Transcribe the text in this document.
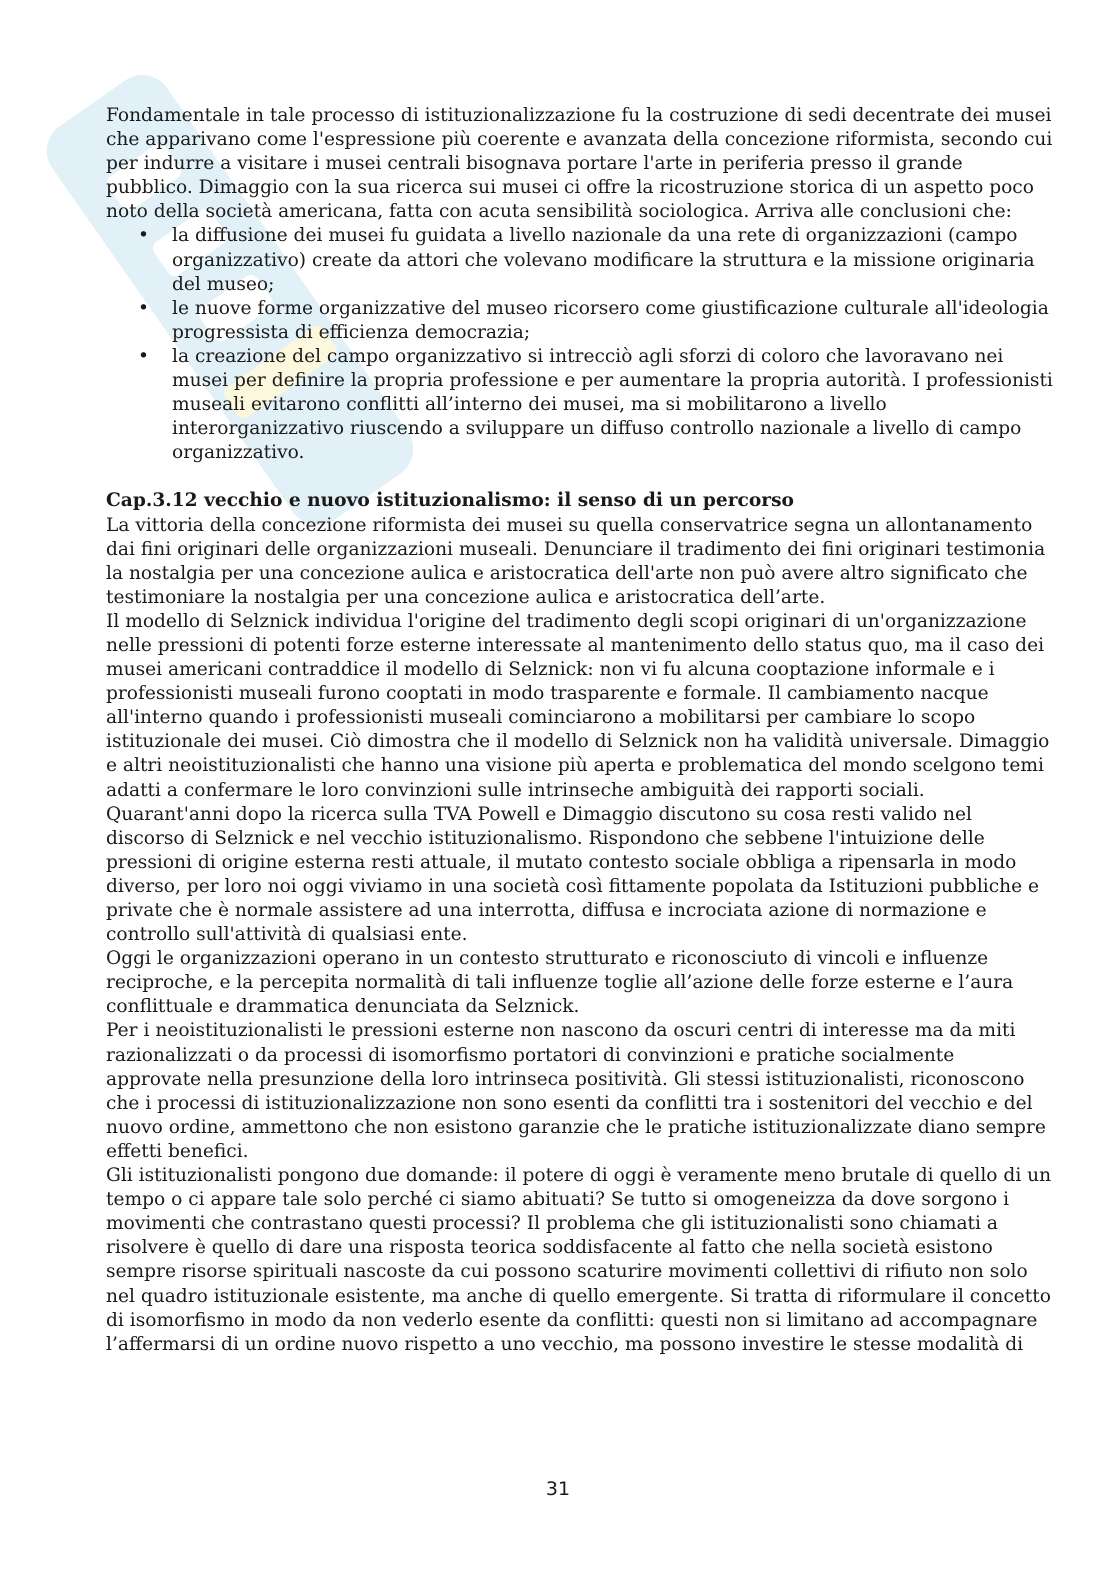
Fondamentale in tale processo di istituzionalizzazione fu la costruzione di sedi decentrate dei musei che apparivano come l'espressione più coerente e avanzata della concezione riformista, secondo cui per indurre a visitare i musei centrali bisognava portare l'arte in periferia presso il grande pubblico. Dimaggio con la sua ricerca sui musei ci offre la ricostruzione storica di un aspetto poco noto della società americana, fatta con acuta sensibilità sociologica. Arriva alle conclusioni che:

• la diffusione dei musei fu guidata a livello nazionale da una rete di organizzazioni (campo organizzativo) create da attori che volevano modificare la struttura e la missione originaria del museo;
• le nuove forme organizzative del museo ricorsero come giustificazione culturale all'ideologia progressista di efficienza democrazia;
• la creazione del campo organizzativo si intrecciò agli sforzi di coloro che lavoravano nei musei per definire la propria professione e per aumentare la propria autorità. I professionisti museali evitarono conflitti all’interno dei musei, ma si mobilitarono a livello interorganizzativo riuscendo a sviluppare un diffuso controllo nazionale a livello di campo organizzativo.
Cap.3.12 vecchio e nuovo istituzionalismo: il senso di un percorso

La vittoria della concezione riformista dei musei su quella conservatrice segna un allontanamento dai fini originari delle organizzazioni museali. Denunciare il tradimento dei fini originari testimonia la nostalgia per una concezione aulica e aristocratica dell'arte non può avere altro significato che testimoniare la nostalgia per una concezione aulica e aristocratica dell’arte.

Il modello di Selznick individua l'origine del tradimento degli scopi originari di un'organizzazione nelle pressioni di potenti forze esterne interessate al mantenimento dello status quo, ma il caso dei musei americani contraddice il modello di Selznick: non vi fu alcuna cooptazione informale e i professionisti museali furono cooptati in modo trasparente e formale. Il cambiamento nacque all'interno quando i professionisti museali cominciarono a mobilitarsi per cambiare lo scopo istituzionale dei musei. Ciò dimostra che il modello di Selznick non ha validità universale. Dimaggio e altri neoistituzionalisti che hanno una visione più aperta e problematica del mondo scelgono temi adatti a confermare le loro convinzioni sulle intrinseche ambiguità dei rapporti sociali. Quarant'anni dopo la ricerca sulla TVA Powell e Dimaggio discutono su cosa resti valido nel discorso di Selznick e nel vecchio istituzionalismo. Rispondono che sebbene l'intuizione delle pressioni di origine esterna resti attuale, il mutato contesto sociale obbliga a ripensarla in modo diverso, per loro noi oggi viviamo in una società così fittamente popolata da Istituzioni pubbliche e private che è normale assistere ad una interrotta, diffusa e incrociata azione di normazione e controllo sull'attività di qualsiasi ente.

Oggi le organizzazioni operano in un contesto strutturato e riconosciuto di vincoli e influenze reciproche, e la percepita normalità di tali influenze toglie all’azione delle forze esterne e l’aura conflittuale e drammatica denunciata da Selznick.

Per i neoistituzionalisti le pressioni esterne non nascono da oscuri centri di interesse ma da miti razionalizzati o da processi di isomorfismo portatori di convinzioni e pratiche socialmente approvate nella presunzione della loro intrinseca positività. Gli stessi istituzionalisti, riconoscono che i processi di istituzionalizzazione non sono esenti da conflitti tra i sostenitori del vecchio e del nuovo ordine, ammettono che non esistono garanzie che le pratiche istituzionalizzate diano sempre effetti benefici.

Gli istituzionalisti pongono due domande: il potere di oggi è veramente meno brutale di quello di un tempo o ci appare tale solo perché ci siamo abituati? Se tutto si omogeneizza da dove sorgono i movimenti che contrastano questi processi? Il problema che gli istituzionalisti sono chiamati a risolvere è quello di dare una risposta teorica soddisfacente al fatto che nella società esistono sempre risorse spirituali nascoste da cui possono scaturire movimenti collettivi di rifiuto non solo nel quadro istituzionale esistente, ma anche di quello emergente. Si tratta di riformulare il concetto di isomorfismo in modo da non vederlo esente da conflitti: questi non si limitano ad accompagnare l’affermarsi di un ordine nuovo rispetto a uno vecchio, ma possono investire le stesse modalità di

31
